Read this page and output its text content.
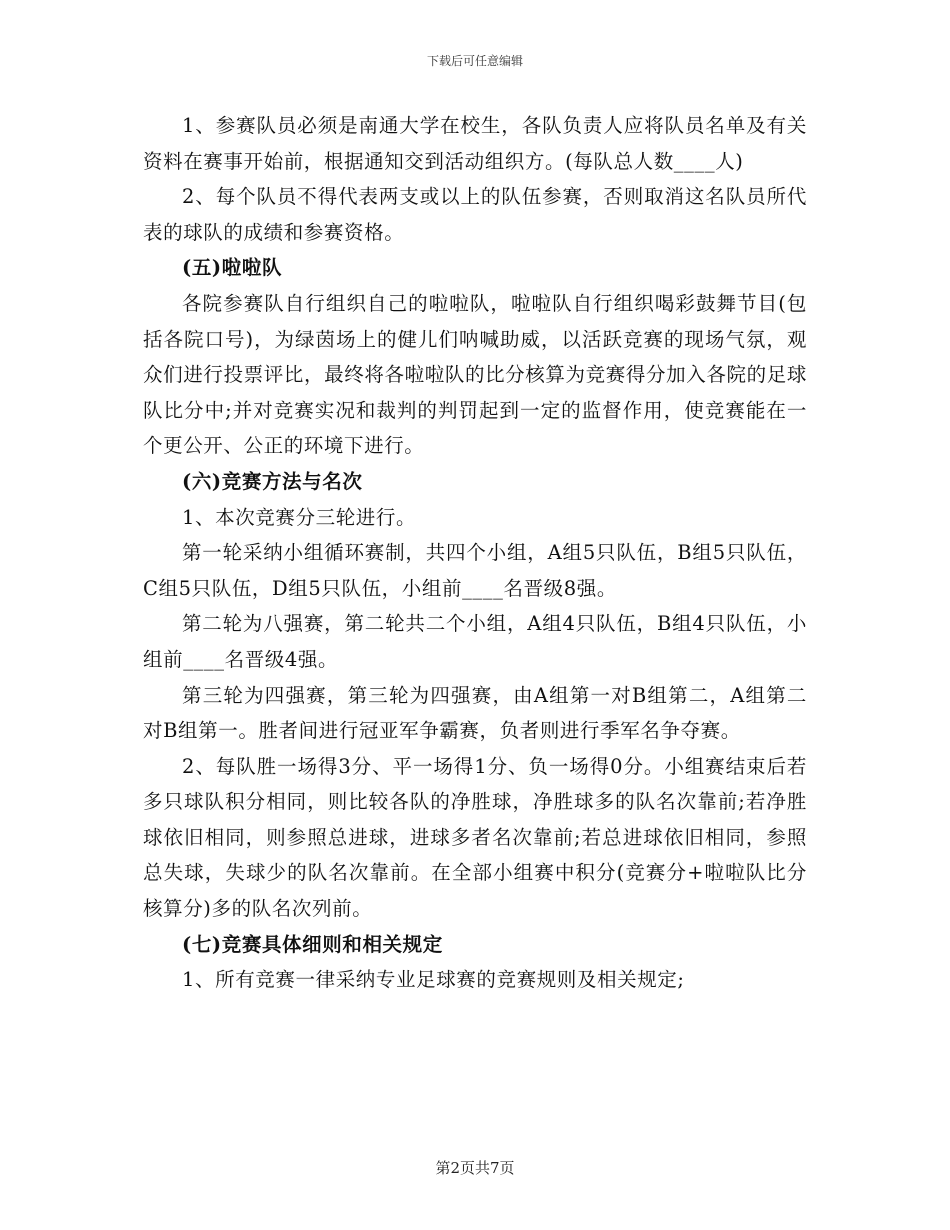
下载后可任意编辑

1、参赛队员必须是南通大学在校生，各队负责人应将队员名单及有关资料在赛事开始前，根据通知交到活动组织方。(每队总人数____人)

2、每个队员不得代表两支或以上的队伍参赛，否则取消这名队员所代表的球队的成绩和参赛资格。

(五)啦啦队

各院参赛队自行组织自己的啦啦队，啦啦队自行组织喝彩鼓舞节目(包括各院口号)，为绿茵场上的健儿们呐喊助威，以活跃竞赛的现场气氛，观众们进行投票评比，最终将各啦啦队的比分核算为竞赛得分加入各院的足球队比分中;并对竞赛实况和裁判的判罚起到一定的监督作用，使竞赛能在一个更公开、公正的环境下进行。

(六)竞赛方法与名次

1、本次竞赛分三轮进行。

第一轮采纳小组循环赛制，共四个小组，A组5只队伍，B组5只队伍，C组5只队伍，D组5只队伍，小组前____名晋级8强。

第二轮为八强赛，第二轮共二个小组，A组4只队伍，B组4只队伍，小组前____名晋级4强。

第三轮为四强赛，第三轮为四强赛，由A组第一对B组第二，A组第二对B组第一。胜者间进行冠亚军争霸赛，负者则进行季军名争夺赛。

2、每队胜一场得3分、平一场得1分、负一场得0分。小组赛结束后若多只球队积分相同，则比较各队的净胜球，净胜球多的队名次靠前;若净胜球依旧相同，则参照总进球，进球多者名次靠前;若总进球依旧相同，参照总失球，失球少的队名次靠前。在全部小组赛中积分(竞赛分+啦啦队比分核算分)多的队名次列前。

(七)竞赛具体细则和相关规定

1、所有竞赛一律采纳专业足球赛的竞赛规则及相关规定;

第2页共7页
